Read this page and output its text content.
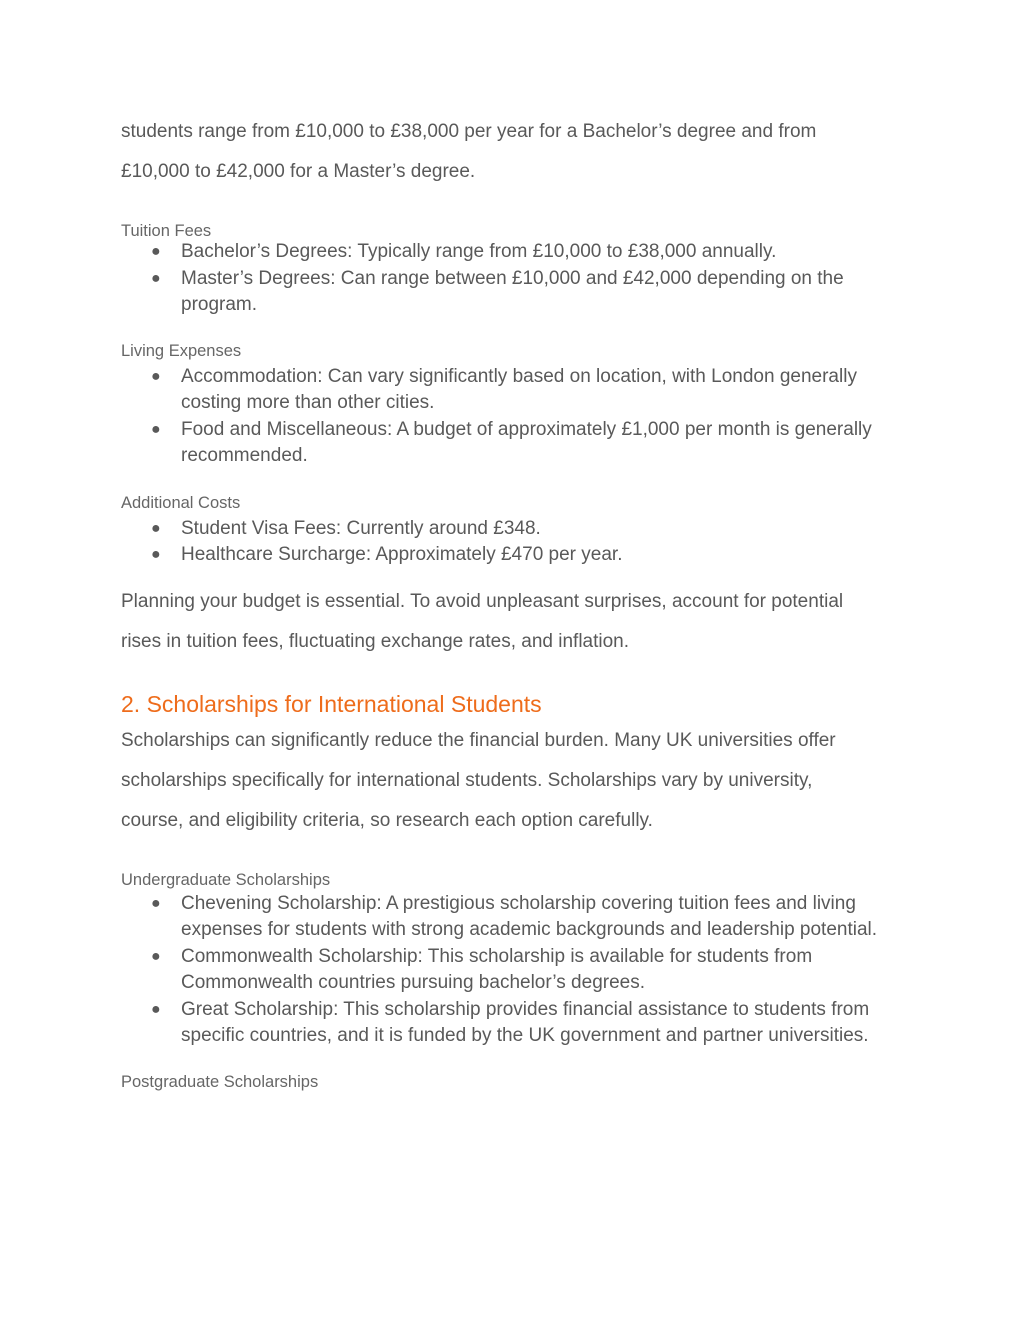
students range from £10,000 to £38,000 per year for a Bachelor’s degree and from

£10,000 to £42,000 for a Master’s degree.

Tuition Fees

● Bachelor’s Degrees: Typically range from £10,000 to £38,000 annually.
● Master’s Degrees: Can range between £10,000 and £42,000 depending on the program.

Living Expenses

● Accommodation: Can vary significantly based on location, with London generally costing more than other cities.
● Food and Miscellaneous: A budget of approximately £1,000 per month is generally recommended.

Additional Costs

● Student Visa Fees: Currently around £348.
● Healthcare Surcharge: Approximately £470 per year.

Planning your budget is essential. To avoid unpleasant surprises, account for potential

rises in tuition fees, fluctuating exchange rates, and inflation.

2. Scholarships for International Students

Scholarships can significantly reduce the financial burden. Many UK universities offer

scholarships specifically for international students. Scholarships vary by university,

course, and eligibility criteria, so research each option carefully.

Undergraduate Scholarships

● Chevening Scholarship: A prestigious scholarship covering tuition fees and living expenses for students with strong academic backgrounds and leadership potential.
● Commonwealth Scholarship: This scholarship is available for students from Commonwealth countries pursuing bachelor’s degrees.
● Great Scholarship: This scholarship provides financial assistance to students from specific countries, and it is funded by the UK government and partner universities.

Postgraduate Scholarships
